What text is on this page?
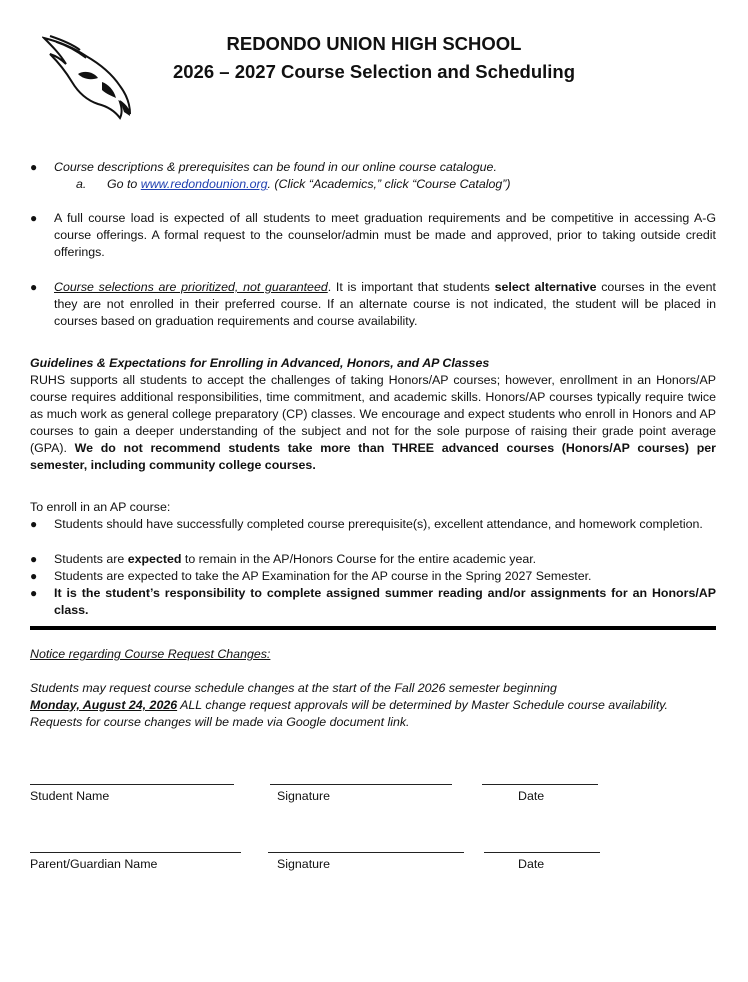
REDONDO UNION HIGH SCHOOL
2026 – 2027 Course Selection and Scheduling
● Course descriptions & prerequisites can be found in our online course catalogue.
a. Go to www.redondounion.org. (Click “Academics,” click “Course Catalog”)
● A full course load is expected of all students to meet graduation requirements and be competitive in accessing A-G course offerings. A formal request to the counselor/admin must be made and approved, prior to taking outside credit offerings.
● Course selections are prioritized, not guaranteed. It is important that students select alternative courses in the event they are not enrolled in their preferred course. If an alternate course is not indicated, the student will be placed in courses based on graduation requirements and course availability.
Guidelines & Expectations for Enrolling in Advanced, Honors, and AP Classes
RUHS supports all students to accept the challenges of taking Honors/AP courses; however, enrollment in an Honors/AP course requires additional responsibilities, time commitment, and academic skills. Honors/AP courses typically require twice as much work as general college preparatory (CP) classes. We encourage and expect students who enroll in Honors and AP courses to gain a deeper understanding of the subject and not for the sole purpose of raising their grade point average (GPA). We do not recommend students take more than THREE advanced courses (Honors/AP courses) per semester, including community college courses.
To enroll in an AP course:
● Students should have successfully completed course prerequisite(s), excellent attendance, and homework completion.
● Students are expected to remain in the AP/Honors Course for the entire academic year.
● Students are expected to take the AP Examination for the AP course in the Spring 2027 Semester.
● It is the student’s responsibility to complete assigned summer reading and/or assignments for an Honors/AP class.
Notice regarding Course Request Changes:
Students may request course schedule changes at the start of the Fall 2026 semester beginning
Monday, August 24, 2026 ALL change request approvals will be determined by Master Schedule course availability. Requests for course changes will be made via Google document link.
Student Name	Signature	Date
Parent/Guardian Name	Signature	Date
